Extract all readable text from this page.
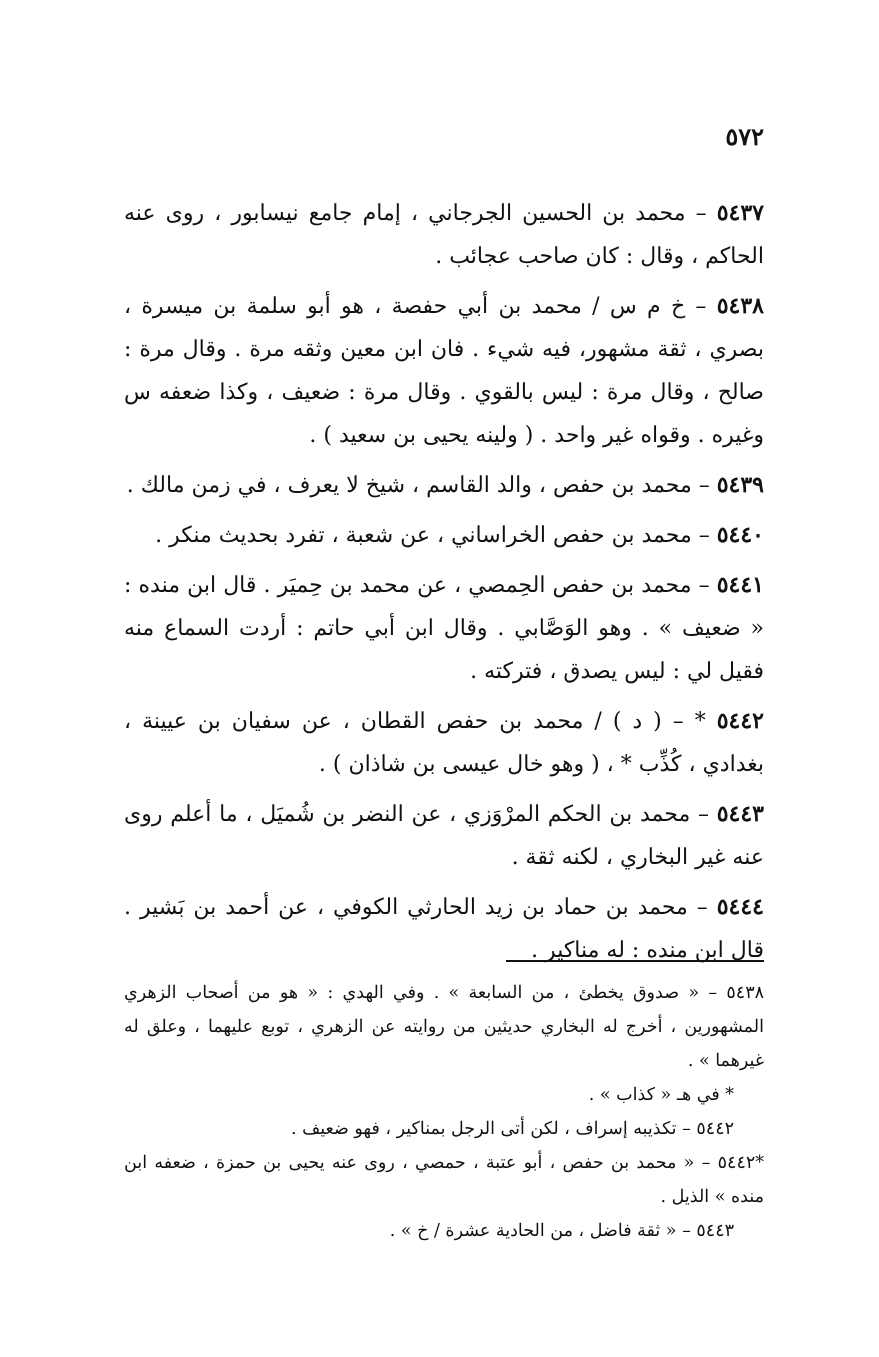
٥٧٢

٥٤٣٧ – محمد بن الحسين الجرجاني ، إمام جامع نيسابور ، روى عنه الحاكم ، وقال : كان صاحب عجائب .

٥٤٣٨ – خ م س / محمد بن أبي حفصة ، هو أبو سلمة بن ميسرة ، بصري ، ثقة مشهور، فيه شيء . فان ابن معين وثقه مرة . وقال مرة : صالح ، وقال مرة : ليس بالقوي . وقال مرة : ضعيف ، وكذا ضعفه س وغيره . وقواه غير واحد . ( ولينه يحيى بن سعيد ) .

٥٤٣٩ – محمد بن حفص ، والد القاسم ، شيخ لا يعرف ، في زمن مالك .

٥٤٤٠ – محمد بن حفص الخراساني ، عن شعبة ، تفرد بحديث منكر .

٥٤٤١ – محمد بن حفص الحِمصي ، عن محمد بن حِميَر . قال ابن منده : « ضعيف » . وهو الوَصَّابي . وقال ابن أبي حاتم : أردت السماع منه فقيل لي : ليس يصدق ، فتركته .

٥٤٤٢ * – ( د ) / محمد بن حفص القطان ، عن سفيان بن عيينة ، بغدادي ، كُذِّب * ، ( وهو خال عيسى بن شاذان ) .

٥٤٤٣ – محمد بن الحكم المرْوَزي ، عن النضر بن شُميَل ، ما أعلم روى عنه غير البخاري ، لكنه ثقة .

٥٤٤٤ – محمد بن حماد بن زيد الحارثي الكوفي ، عن أحمد بن بَشير . قال ابن منده : له مناكير .

٥٤٣٨ – « صدوق يخطئ ، من السابعة » . وفي الهدي : « هو من أصحاب الزهري المشهورين ، أخرج له البخاري حديثين من روايته عن الزهري ، توبع عليهما ، وعلق له غيرهما » .

* في هـ « كذاب » .

٥٤٤٢ – تكذيبه إسراف ، لكن أتى الرجل بمناكير ، فهو ضعيف .

*٥٤٤٢ – « محمد بن حفص ، أبو عتبة ، حمصي ، روى عنه يحيى بن حمزة ، ضعفه ابن منده » الذيل .

٥٤٤٣ – « ثقة فاضل ، من الحادية عشرة / خ » .
